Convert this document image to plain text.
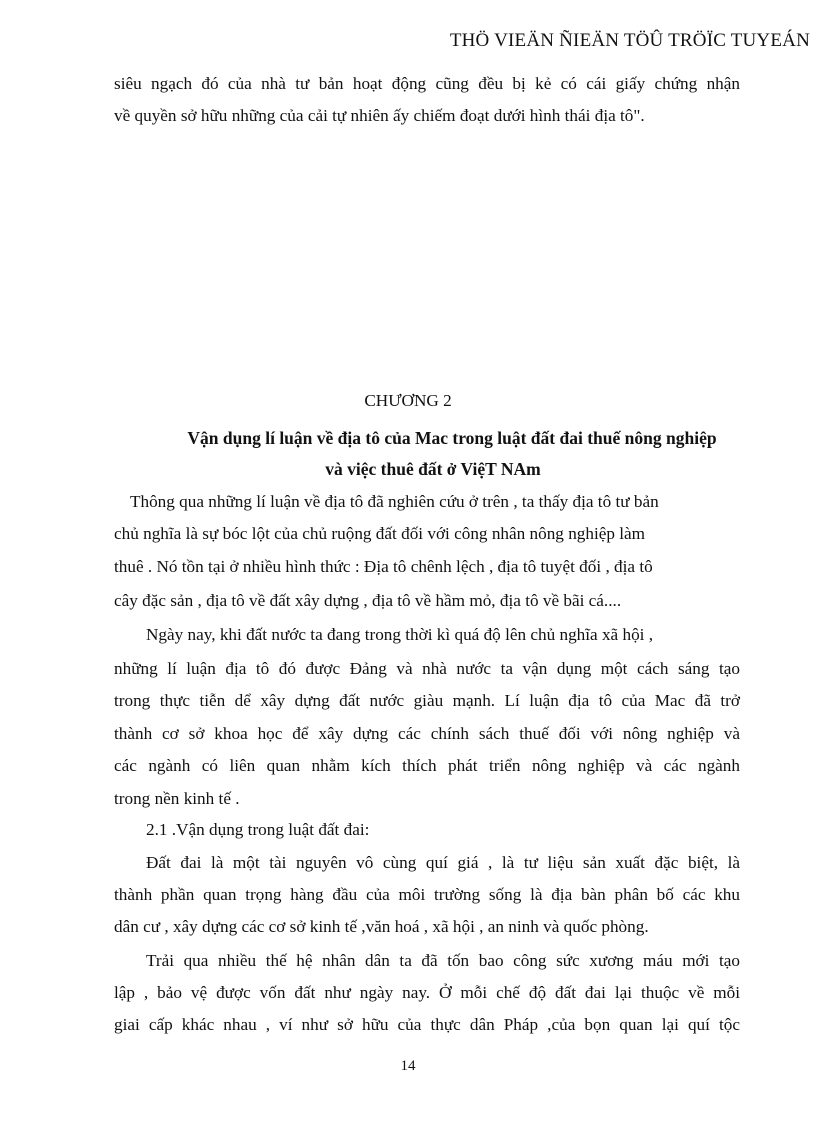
THÖ VIEÄN ÑIEÄN TÖÛ TRÖÏC TUYEÁN
siêu ngạch đó của nhà tư bản hoạt động cũng đều bị kẻ có cái giấy chứng nhận
về quyền sở hữu những của cải tự nhiên ấy chiếm đoạt dưới hình thái địa tô".
CHƯƠNG 2
Vận dụng lí luận về địa tô của Mac trong luật đất đai thuế nông nghiệp
và việc thuê đất ở ViệT NAm
Thông qua những lí luận về địa tô đã nghiên cứu ở trên , ta thấy địa tô tư bản
chủ nghĩa là sự bóc lột của chủ ruộng đất đối với công nhân nông nghiệp làm
thuê . Nó tồn tại ở nhiều hình thức : Địa tô chênh lệch , địa tô tuyệt đối , địa tô
cây đặc sản , địa tô về đất xây dựng , địa tô về hầm mỏ, địa tô về bãi cá....
Ngày nay, khi đất nước ta đang trong thời kì quá độ lên chủ nghĩa xã hội ,
những lí luận địa tô đó được Đảng và nhà nước ta vận dụng một cách sáng tạo
trong thực tiễn dể xây dựng đất nước giàu mạnh. Lí luận địa tô của Mac đã trở
thành cơ sở khoa học để xây dựng các chính sách thuế đối với nông nghiệp và
các ngành có liên quan nhằm kích thích phát triển nông nghiệp và các ngành
trong nền kinh tế .
2.1 .Vận dụng trong luật đất đai:
Đất đai là một tài nguyên vô cùng quí giá , là tư liệu sản xuất đặc biệt, là
thành phần quan trọng hàng đầu của môi trường sống là địa bàn phân bố các khu
dân cư , xây dựng các cơ sở kinh tế ,văn hoá , xã hội , an ninh và quốc phòng.
Trải qua nhiều thế hệ nhân dân ta đã tốn bao công sức xương máu mới tạo
lập , bảo vệ được vốn đất như ngày nay. Ở mỗi chế độ đất đai lại thuộc về mỗi
giai cấp khác nhau , ví như sở hữu của thực dân Pháp ,của bọn quan lại quí tộc
14
